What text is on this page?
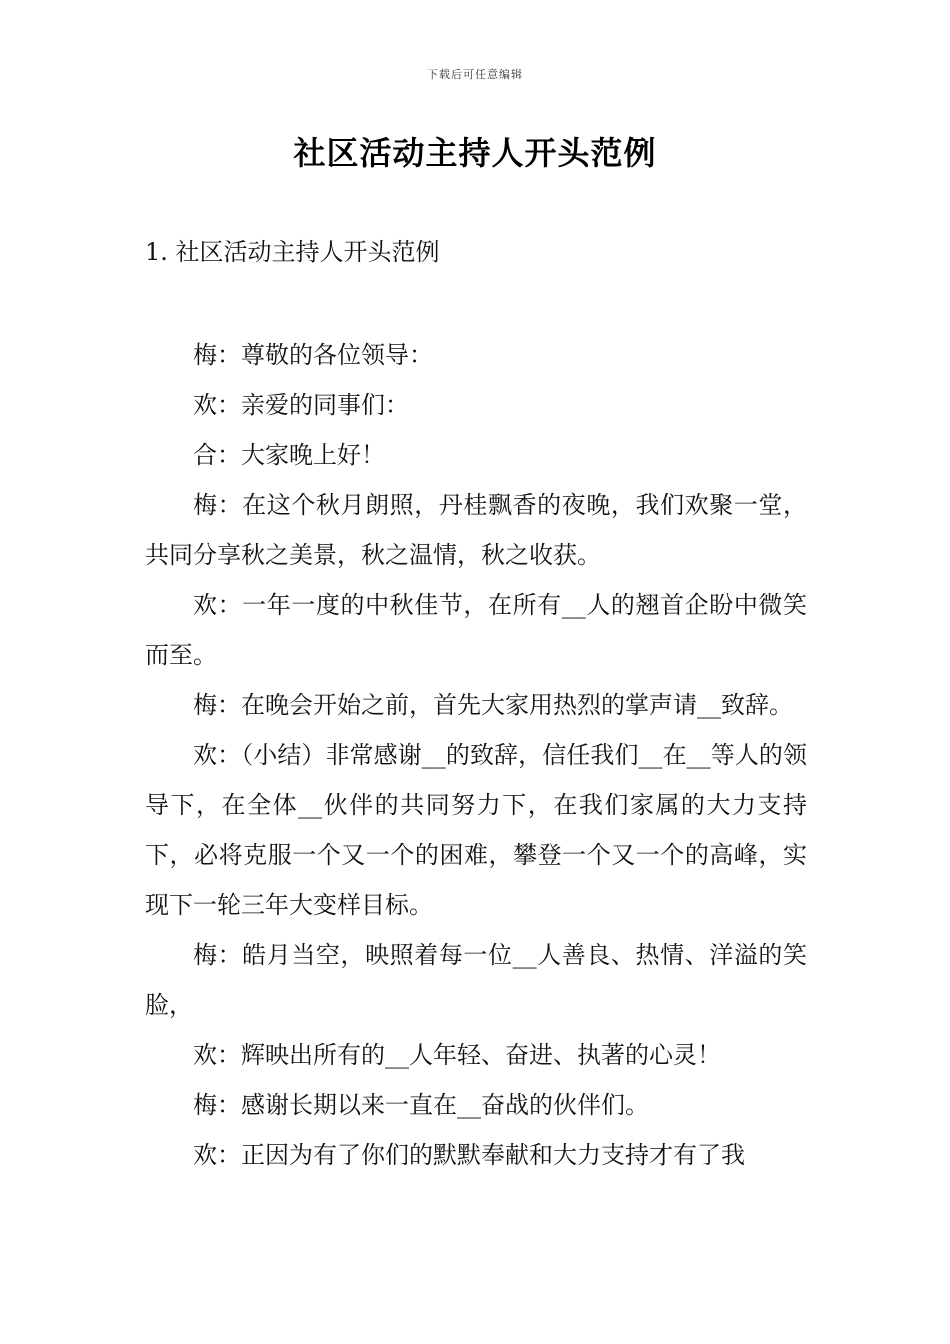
下载后可任意编辑
社区活动主持人开头范例
1. 社区活动主持人开头范例

梅：尊敬的各位领导：

欢：亲爱的同事们：

合：大家晚上好！

梅：在这个秋月朗照，丹桂飘香的夜晚，我们欢聚一堂，共同分享秋之美景，秋之温情，秋之收获。

欢：一年一度的中秋佳节，在所有__人的翘首企盼中微笑而至。

梅：在晚会开始之前，首先大家用热烈的掌声请__致辞。

欢：（小结）非常感谢__的致辞，信任我们__在__等人的领导下，在全体__伙伴的共同努力下，在我们家属的大力支持下，必将克服一个又一个的困难，攀登一个又一个的高峰，实现下一轮三年大变样目标。

梅：皓月当空，映照着每一位__人善良、热情、洋溢的笑脸，

欢：辉映出所有的__人年轻、奋进、执著的心灵！

梅：感谢长期以来一直在__奋战的伙伴们。

欢：正因为有了你们的默默奉献和大力支持才有了我
